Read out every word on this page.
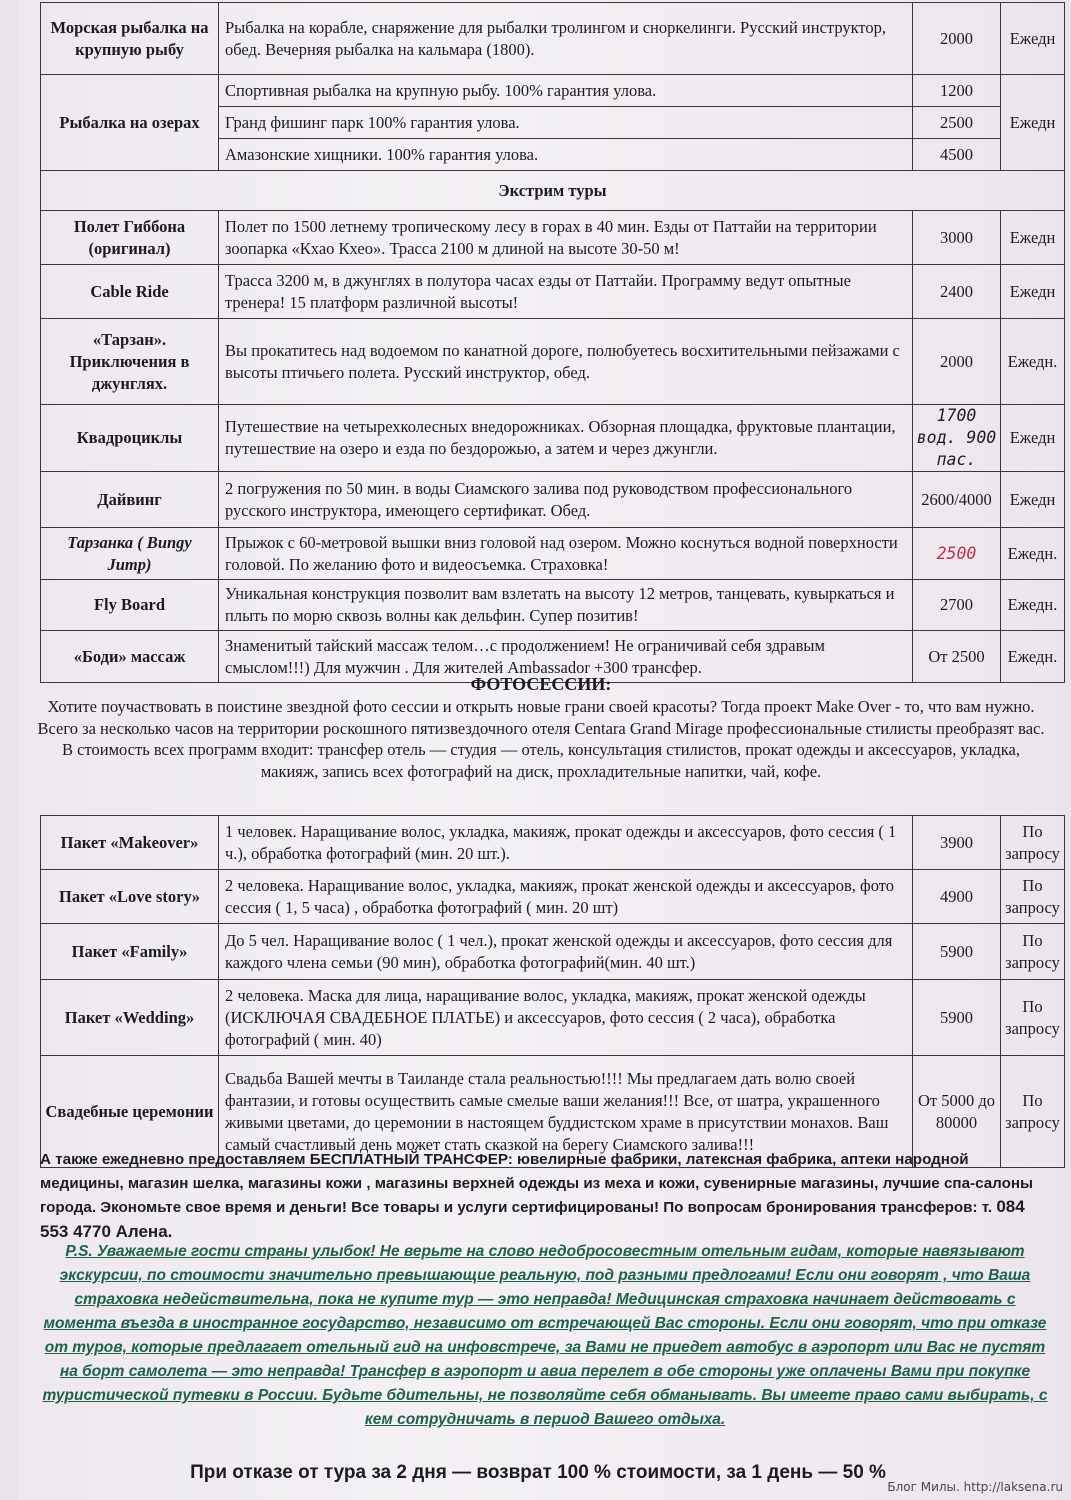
Морская рыбалка на крупную рыбу	Рыбалка на корабле, снаряжение для рыбалки тролингом и сноркелинги. Русский инструктор, обед. Вечерняя рыбалка на кальмара (1800).	2000	Ежедн
Рыбалка на озерах	Спортивная рыбалка на крупную рыбу. 100% гарантия улова.	1200	Ежедн
	Гранд фишинг парк 100% гарантия улова.	2500	
	Амазонские хищники. 100% гарантия улова.	4500	
Экстрим туры			
Полет Гиббона (оригинал)	Полет по 1500 летнему тропическому лесу в горах в 40 мин. Езды от Паттайи на территории зоопарка «Кхао Кхео». Трасса 2100 м длиной на высоте 30-50 м!	3000	Ежедн
Cable Ride	Трасса 3200 м, в джунглях в полутора часах езды от Паттайи. Программу ведут опытные тренера! 15 платформ различной высоты!	2400	Ежедн
«Тарзан». Приключения в джунглях.	Вы прокатитесь над водоемом по канатной дороге, полюбуетесь восхитительными пейзажами с высоты птичьего полета. Русский инструктор, обед.	2000	Ежедн.
Квадроциклы	Путешествие на четырехколесных внедорожниках. Обзорная площадка, фруктовые плантации, путешествие на озеро и езда по бездорожью, а затем и через джунгли.	1700 вод. 900 пас.	Ежедн
Дайвинг	2 погружения по 50 мин. в воды Сиамского залива под руководством профессионального русского инструктора, имеющего сертификат. Обед.	2600/4000	Ежедн
Тарзанка ( Bungy Jump)	Прыжок с 60-метровой вышки вниз головой над озером. Можно коснуться водной поверхности головой. По желанию фото и видеосъемка. Страховка!	2500	Ежедн.
Fly Board	Уникальная конструкция позволит вам взлетать на высоту 12 метров, танцевать, кувыркаться и плыть по морю сквозь волны как дельфин. Супер позитив!	2700	Ежедн.
«Боди» массаж	Знаменитый тайский массаж телом…с продолжением! Не ограничивай себя здравым смыслом!!!) Для мужчин . Для жителей Ambassador +300 трансфер.	От 2500	Ежедн.
ФОТОСЕССИИ:
Хотите поучаствовать в поистине звездной фото сессии и открыть новые грани своей красоты? Тогда проект Make Over - то, что вам нужно. Всего за несколько часов на территории роскошного пятизвездочного отеля Centara Grand Mirage профессиональные стилисты преобразят вас. В стоимость всех программ входит: трансфер отель — студия — отель, консультация стилистов, прокат одежды и аксессуаров, укладка, макияж, запись всех фотографий на диск, прохладительные напитки, чай, кофе.
Пакет «Makeover»	1 человек. Наращивание волос, укладка, макияж, прокат одежды и аксессуаров, фото сессия ( 1 ч.), обработка фотографий (мин. 20 шт.).	3900	По запросу
Пакет «Love story»	2 человека. Наращивание волос, укладка, макияж, прокат женской одежды и аксессуаров, фото сессия ( 1, 5 часа) , обработка фотографий ( мин. 20 шт)	4900	По запросу
Пакет «Family»	До 5 чел. Наращивание волос ( 1 чел.), прокат женской одежды и аксессуаров, фото сессия для каждого члена семьи (90 мин), обработка фотографий(мин. 40 шт.)	5900	По запросу
Пакет «Wedding»	2 человека. Маска для лица, наращивание волос, укладка, макияж, прокат женской одежды (ИСКЛЮЧАЯ СВАДЕБНОЕ ПЛАТЬЕ) и аксессуаров, фото сессия ( 2 часа), обработка фотографий ( мин. 40)	5900	По запросу
Свадебные церемонии	Свадьба Вашей мечты в Таиланде стала реальностью!!!! Мы предлагаем дать волю своей фантазии, и готовы осуществить самые смелые ваши желания!!! Все, от шатра, украшенного живыми цветами, до церемонии в настоящем буддистском храме в присутствии монахов. Ваш самый счастливый день может стать сказкой на берегу Сиамского залива!!!	От 5000 до 80000	По запросу
А также ежедневно предоставляем БЕСПЛАТНЫЙ ТРАНСФЕР: ювелирные фабрики, латексная фабрика, аптеки народной медицины, магазин шелка, магазины кожи , магазины верхней одежды из меха и кожи, сувенирные магазины, лучшие спа-салоны города. Экономьте свое время и деньги! Все товары и услуги сертифицированы! По вопросам бронирования трансферов: т. 084 553 4770 Алена.
P.S. Уважаемые гости страны улыбок! Не верьте на слово недобросовестным отельным гидам, которые навязывают экскурсии, по стоимости значительно превышающие реальную, под разными предлогами! Если они говорят , что Ваша страховка недействительна, пока не купите тур — это неправда! Медицинская страховка начинает действовать с момента въезда в иностранное государство, независимо от встречающей Вас стороны. Если они говорят, что при отказе от туров, которые предлагает отельный гид на инфовстрече, за Вами не приедет автобус в аэропорт или Вас не пустят на борт самолета — это неправда! Трансфер в аэропорт и авиа перелет в обе стороны уже оплачены Вами при покупке туристической путевки в России. Будьте бдительны, не позволяйте себя обманывать. Вы имеете право сами выбирать, с кем сотрудничать в период Вашего отдыха.
При отказе от тура за 2 дня — возврат 100 % стоимости, за 1 день — 50 %
Блог Милы. http://laksena.ru
